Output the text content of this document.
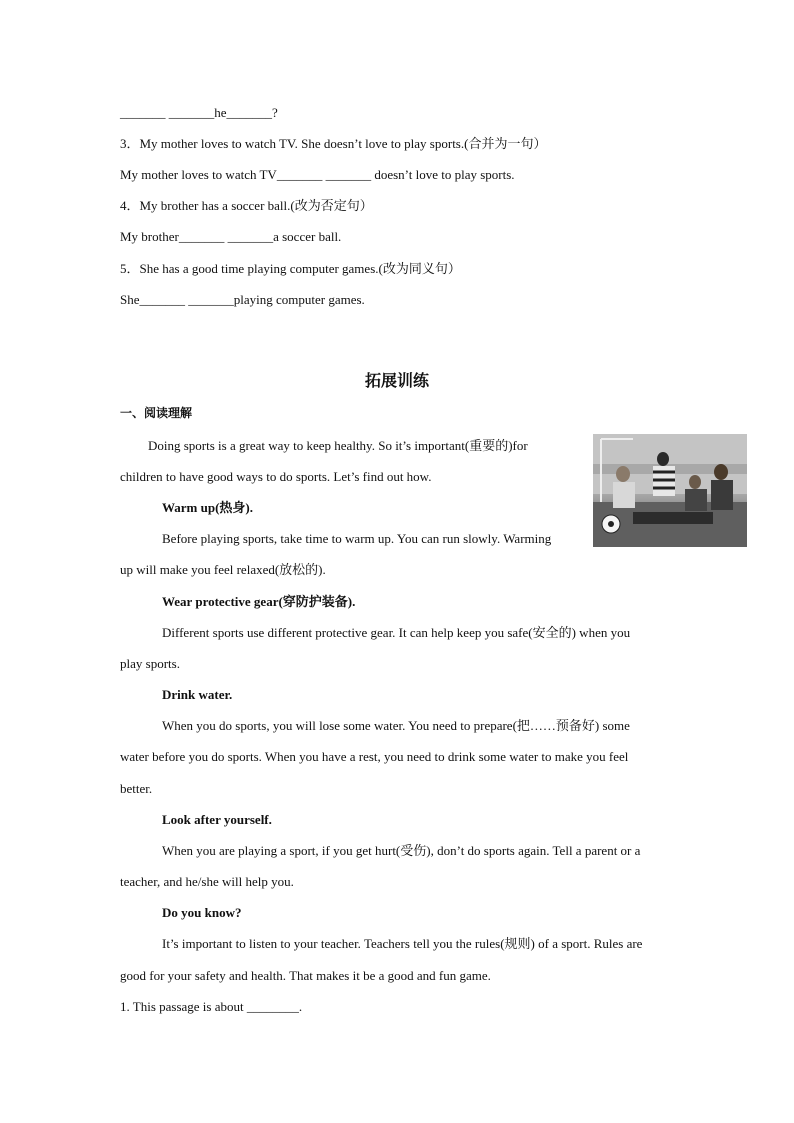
_______ _______he_______?
3．My mother loves to watch TV. She doesn’t love to play sports.(合并为一句）
My mother loves to watch TV_______ _______ doesn’t love to play sports.
4．My brother has a soccer ball.(改为否定句）
My brother_______ _______a soccer ball.
5．She has a good time playing computer games.(改为同义句）
She_______ _______playing computer games.
拓展训练
一、阅读理解
Doing sports is a great way to keep healthy. So it’s important(重要的)for
children to have good ways to do sports. Let’s find out how.
Warm up(热身).
Before playing sports, take time to warm up. You can run slowly. Warming
up will make you feel relaxed(放松的).
Wear protective gear(穿防护装备).
Different sports use different protective gear. It can help keep you safe(安全的) when you
play sports.
Drink water.
When you do sports, you will lose some water. You need to prepare(把……预备好) some
water before you do sports. When you have a rest, you need to drink some water to make you feel
better.
Look after yourself.
When you are playing a sport, if you get hurt(受伤), don’t do sports again. Tell a parent or a
teacher, and he/she will help you.
Do you know?
It’s important to listen to your teacher. Teachers tell you the rules(规则) of a sport. Rules are
good for your safety and health. That makes it be a good and fun game.
1. This passage is about ________.
